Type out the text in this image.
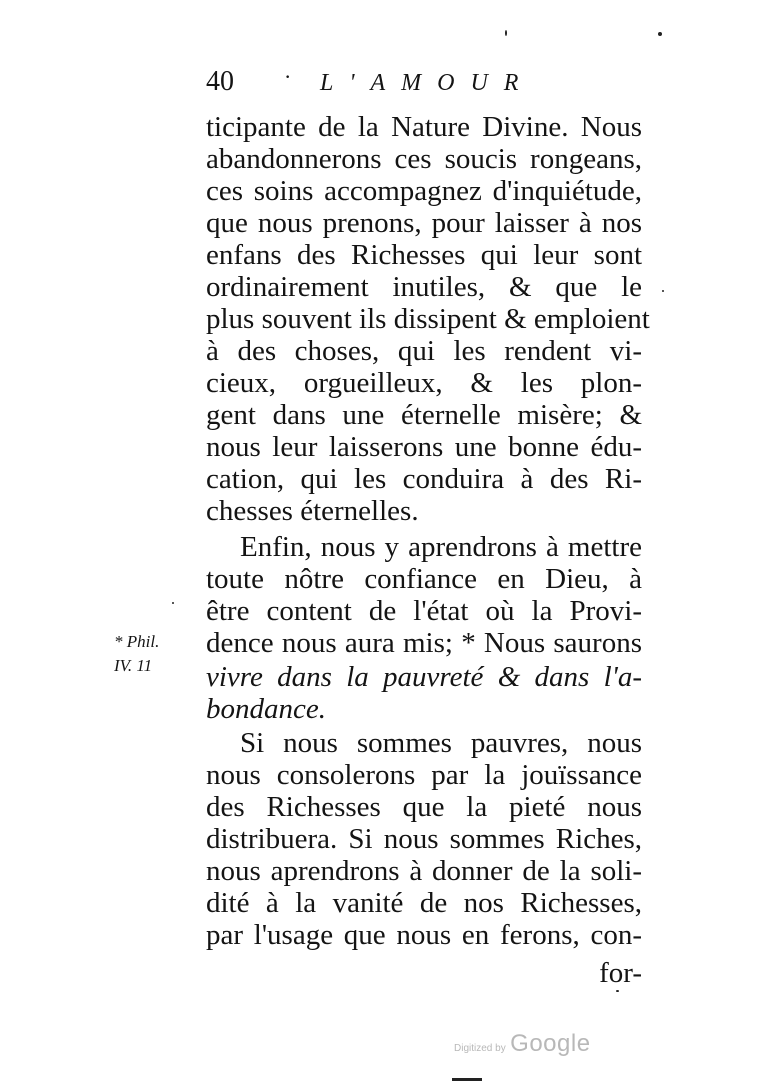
40 · L'AMOUR
ticipante de la Nature Divine. Nous
abandonnerons ces soucis rongeans,
ces soins accompagnez d'inquiétude,
que nous prenons, pour laisser à nos
enfans des Richesses qui leur sont
ordinairement inutiles, & que le
plus souvent ils dissipent & emploient
à des choses, qui les rendent vi-
cieux, orgueilleux, & les plon-
gent dans une éternelle misère; &
nous leur laisserons une bonne édu-
cation, qui les conduira à des Ri-
chesses éternelles.
Enfin, nous y aprendrons à mettre
toute nôtre confiance en Dieu, à
être content de l'état où la Provi-
dence nous aura mis; * Nous saurons
vivre dans la pauvreté & dans l'a-
bondance.
Si nous sommes pauvres, nous
nous consolerons par la jouïssance
des Richesses que la pieté nous
distribuera. Si nous sommes Riches,
nous aprendrons à donner de la soli-
dité à la vanité de nos Richesses,
par l'usage que nous en ferons, con-
for-
* Phil.
IV. 11
Digitized by Google
